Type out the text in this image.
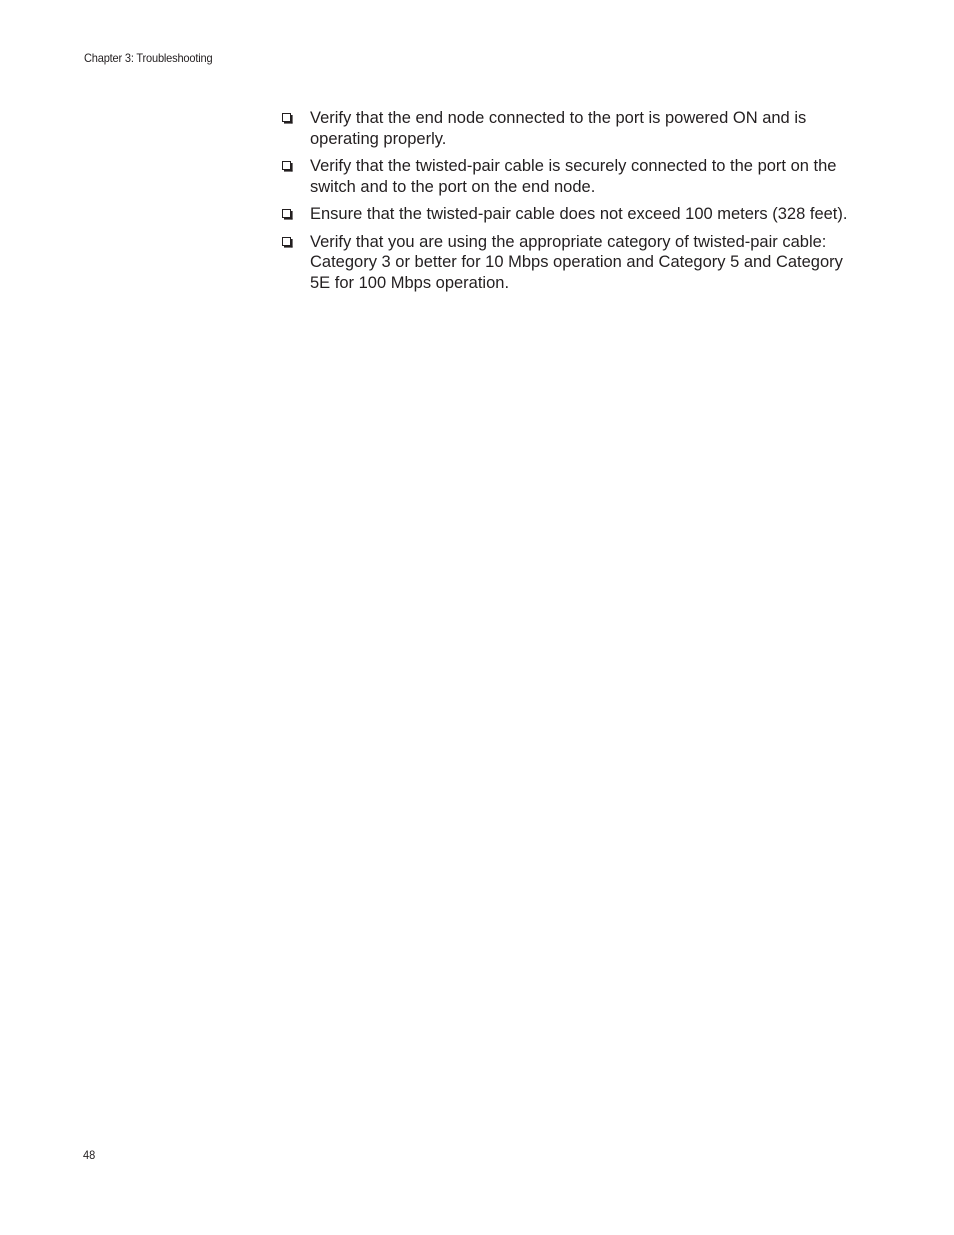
Chapter 3: Troubleshooting
Verify that the end node connected to the port is powered ON and is operating properly.
Verify that the twisted-pair cable is securely connected to the port on the switch and to the port on the end node.
Ensure that the twisted-pair cable does not exceed 100 meters (328 feet).
Verify that you are using the appropriate category of twisted-pair cable: Category 3 or better for 10 Mbps operation and Category 5 and Category 5E for 100 Mbps operation.
48
